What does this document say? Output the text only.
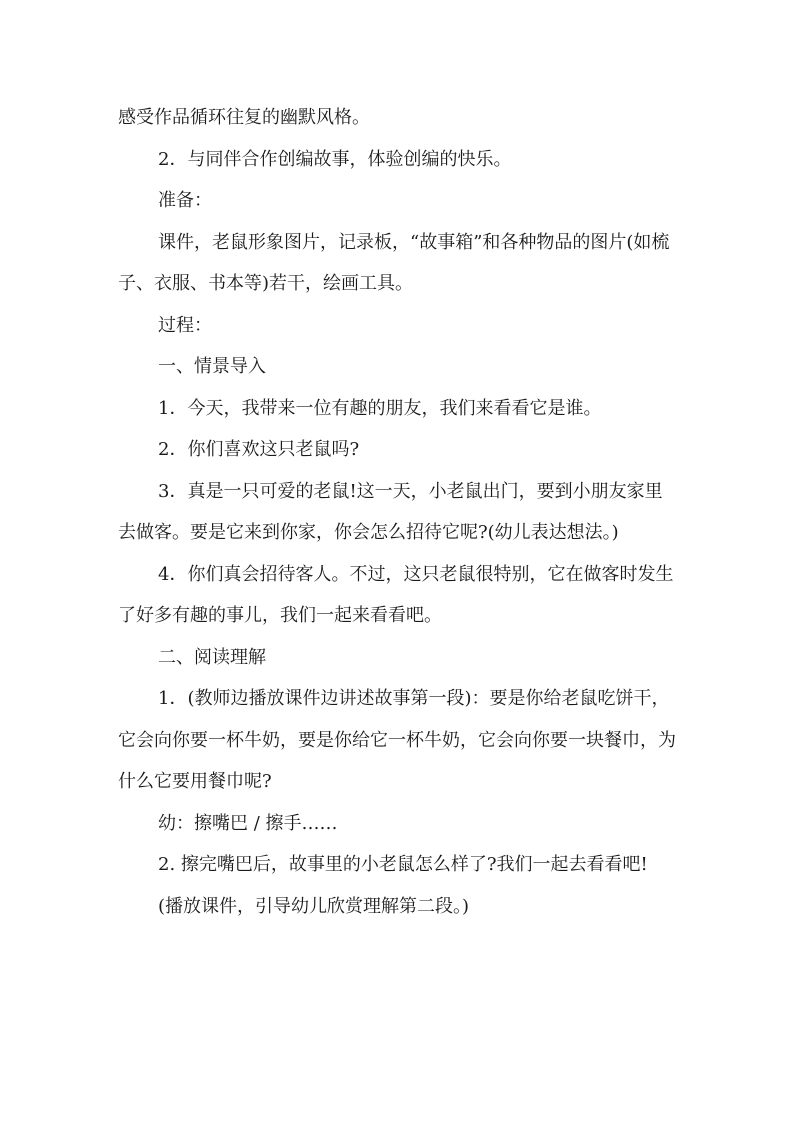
感受作品循环往复的幽默风格。

2．与同伴合作创编故事，体验创编的快乐。

准备：

课件，老鼠形象图片，记录板，“故事箱”和各种物品的图片(如梳子、衣服、书本等)若干，绘画工具。

过程：

一、情景导入

1．今天，我带来一位有趣的朋友，我们来看看它是谁。

2．你们喜欢这只老鼠吗?

3．真是一只可爱的老鼠!这一天，小老鼠出门，要到小朋友家里去做客。要是它来到你家，你会怎么招待它呢?(幼儿表达想法。)

4．你们真会招待客人。不过，这只老鼠很特别，它在做客时发生了好多有趣的事儿，我们一起来看看吧。

二、阅读理解

1．(教师边播放课件边讲述故事第一段)：要是你给老鼠吃饼干，它会向你要一杯牛奶，要是你给它一杯牛奶，它会向你要一块餐巾，为什么它要用餐巾呢?

幼：擦嘴巴 / 擦手……

2. 擦完嘴巴后，故事里的小老鼠怎么样了?我们一起去看看吧!

(播放课件，引导幼儿欣赏理解第二段。)
